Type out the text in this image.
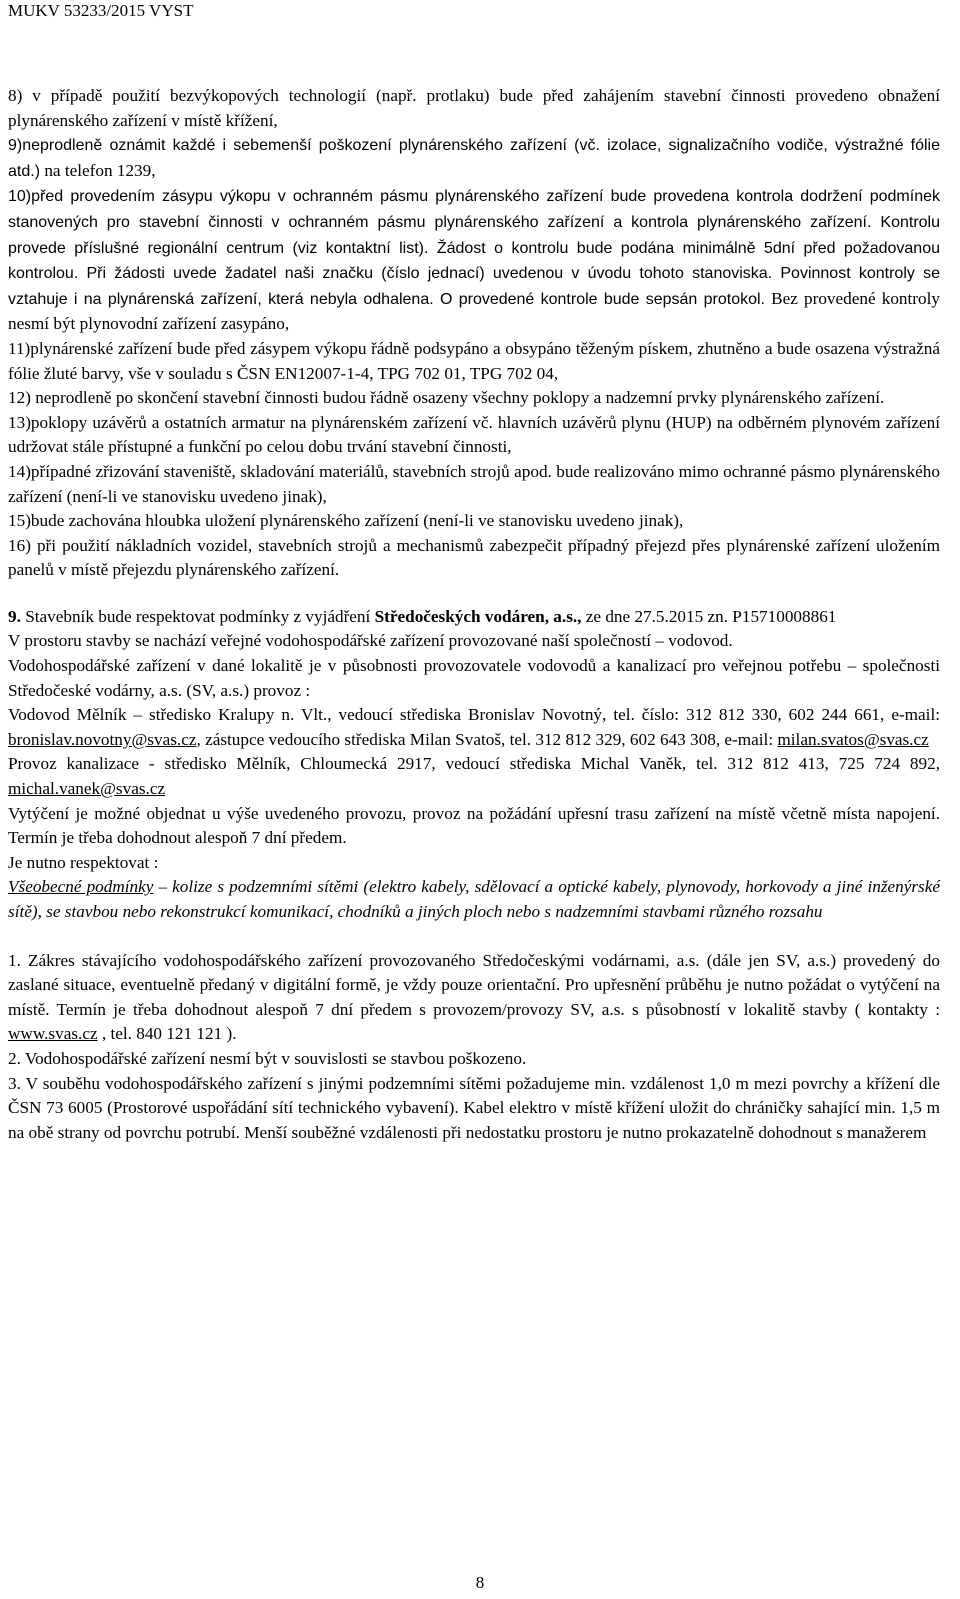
MUKV 53233/2015 VYST

8) v případě použití bezvýkopových technologií (např. protlaku) bude před zahájením stavební činnosti provedeno obnažení plynárenského zařízení v místě křížení,

9)neprodleně oznámit každé i sebemenší poškození plynárenského zařízení (vč. izolace, signalizačního vodiče, výstražné fólie atd.) na telefon 1239,

10)před provedením zásypu výkopu v ochranném pásmu plynárenského zařízení bude provedena kontrola dodržení podmínek stanovených pro stavební činnosti v ochranném pásmu plynárenského zařízení a kontrola plynárenského zařízení. Kontrolu provede příslušné regionální centrum (viz kontaktní list). Žádost o kontrolu bude podána minimálně 5dní před požadovanou kontrolou. Při žádosti uvede žadatel naši značku (číslo jednací) uvedenou v úvodu tohoto stanoviska. Povinnost kontroly se vztahuje i na plynárenská zařízení, která nebyla odhalena. O provedené kontrole bude sepsán protokol. Bez provedené kontroly nesmí být plynovodní zařízení zasypáno,

11)plynárenské zařízení bude před zásypem výkopu řádně podsypáno a obsypáno těženým pískem, zhutněno a bude osazena výstražná fólie žluté barvy, vše v souladu s ČSN EN12007-1-4, TPG 702 01, TPG 702 04,

12) neprodleně po skončení stavební činnosti budou řádně osazeny všechny poklopy a nadzemní prvky plynárenského zařízení.

13)poklopy uzávěrů a ostatních armatur na plynárenském zařízení vč. hlavních uzávěrů plynu (HUP) na odběrném plynovém zařízení udržovat stále přístupné a funkční po celou dobu trvání stavební činnosti,

14)případné zřizování staveniště, skladování materiálů, stavebních strojů apod. bude realizováno mimo ochranné pásmo plynárenského zařízení (není-li ve stanovisku uvedeno jinak),

15)bude zachována hloubka uložení plynárenského zařízení (není-li ve stanovisku uvedeno jinak),

16) při použití nákladních vozidel, stavebních strojů a mechanismů zabezpečit případný přejezd přes plynárenské zařízení uložením panelů v místě přejezdu plynárenského zařízení.

9. Stavebník bude respektovat podmínky z vyjádření Středočeských vodáren, a.s., ze dne 27.5.2015 zn. P15710008861

V prostoru stavby se nachází veřejné vodohospodářské zařízení provozované naší společností – vodovod.

Vodohospodářské zařízení v dané lokalitě je v působnosti provozovatele vodovodů a kanalizací pro veřejnou potřebu – společnosti Středočeské vodárny, a.s. (SV, a.s.) provoz :

Vodovod Mělník – středisko Kralupy n. Vlt., vedoucí střediska Bronislav Novotný, tel. číslo: 312 812 330, 602 244 661, e-mail: bronislav.novotny@svas.cz, zástupce vedoucího střediska Milan Svatoš, tel. 312 812 329, 602 643 308, e-mail: milan.svatos@svas.cz

Provoz kanalizace - středisko Mělník, Chloumecká 2917, vedoucí střediska Michal Vaněk, tel. 312 812 413, 725 724 892, michal.vanek@svas.cz

Vytýčení je možné objednat u výše uvedeného provozu, provoz na požádání upřesní trasu zařízení na místě včetně místa napojení. Termín je třeba dohodnout alespoň 7 dní předem.

Je nutno respektovat :

Všeobecné podmínky – kolize s podzemními sítěmi (elektro kabely, sdělovací a optické kabely, plynovody, horkovody a jiné inženýrské sítě), se stavbou nebo rekonstrukcí komunikací, chodníků a jiných ploch nebo s nadzemními stavbami různého rozsahu

1. Zákres stávajícího vodohospodářského zařízení provozovaného Středočeskými vodárnami, a.s. (dále jen SV, a.s.) provedený do zaslané situace, eventuelně předaný v digitální formě, je vždy pouze orientační. Pro upřesnění průběhu je nutno požádat o vytýčení na místě. Termín je třeba dohodnout alespoň 7 dní předem s provozem/provozy SV, a.s. s působností v lokalitě stavby ( kontakty : www.svas.cz , tel. 840 121 121 ).

2. Vodohospodářské zařízení nesmí být v souvislosti se stavbou poškozeno.

3. V souběhu vodohospodářského zařízení s jinými podzemními sítěmi požadujeme min. vzdálenost 1,0 m mezi povrchy a křížení dle ČSN 73 6005 (Prostorové uspořádání sítí technického vybavení). Kabel elektro v místě křížení uložit do chráničky sahající min. 1,5 m na obě strany od povrchu potrubí. Menší souběžné vzdálenosti při nedostatku prostoru je nutno prokazatelně dohodnout s manažerem

8
